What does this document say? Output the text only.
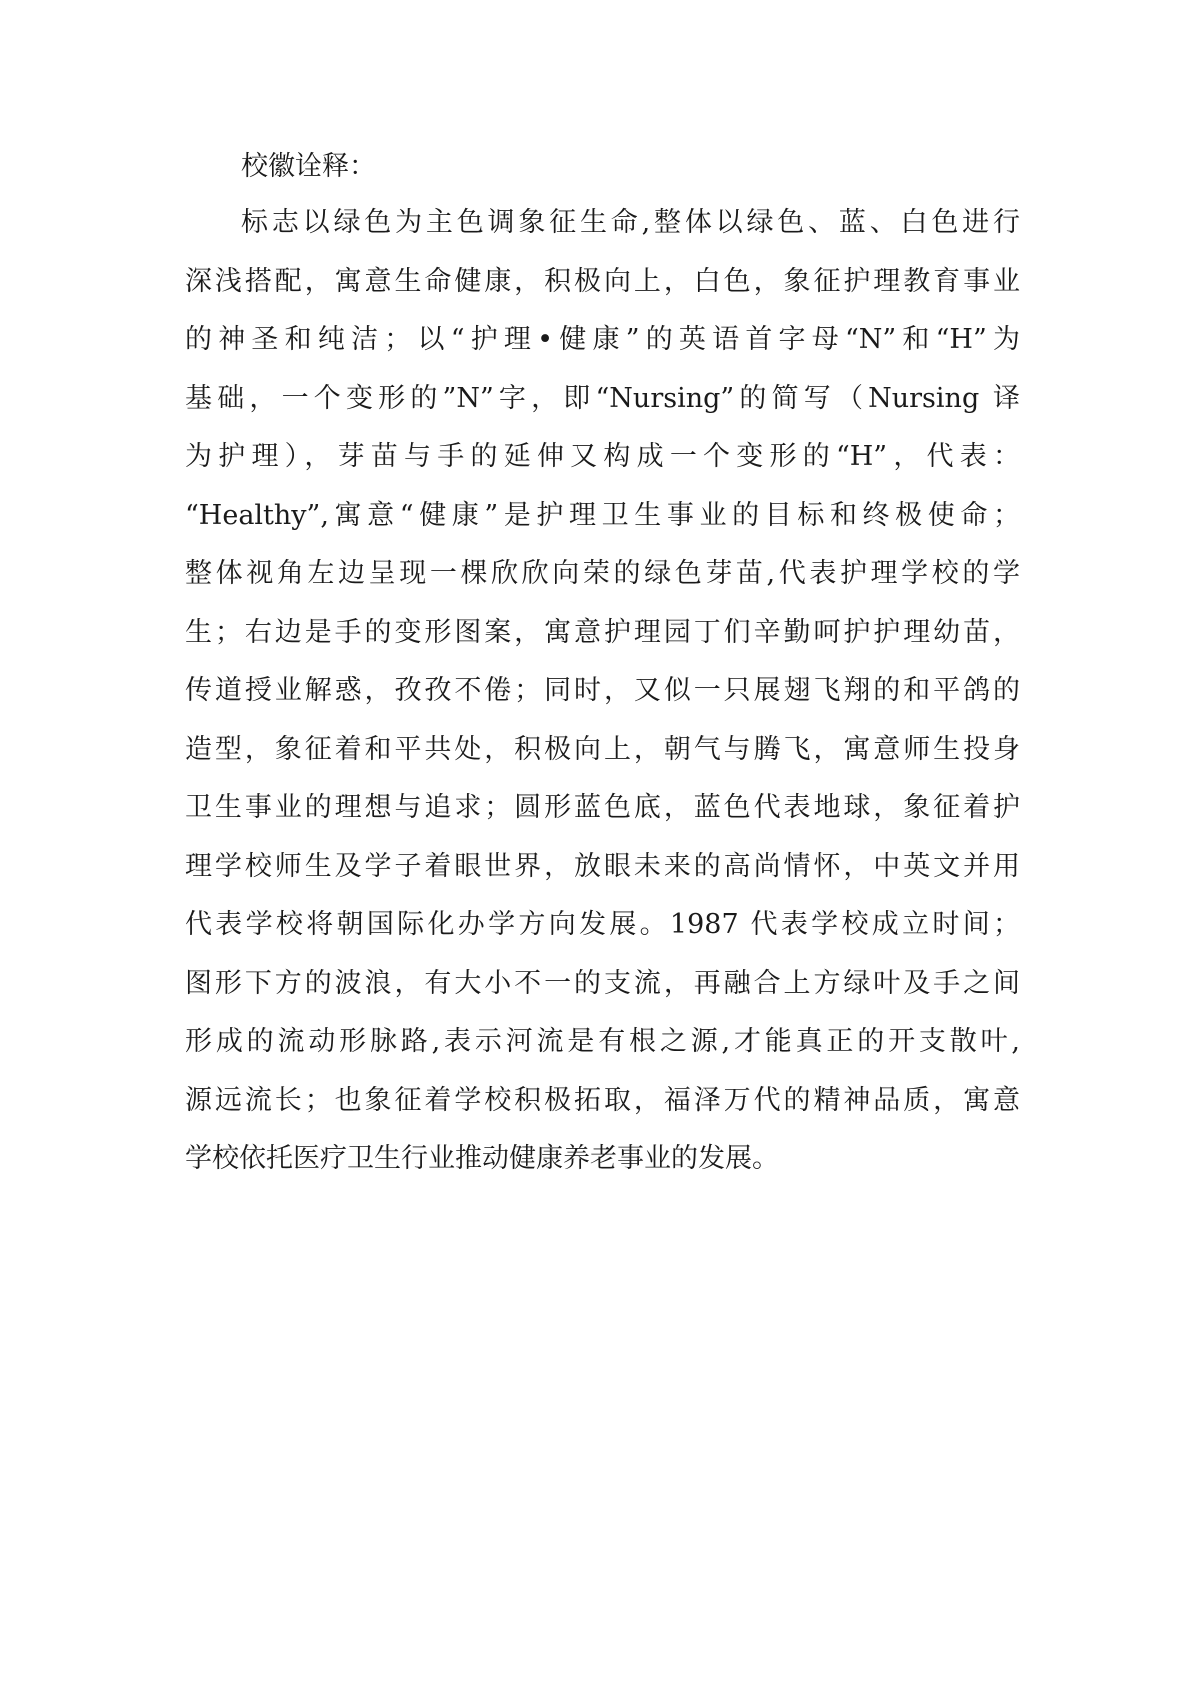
校徽诠释：
标志以绿色为主色调象征生命,整体以绿色、蓝、白色进行
深浅搭配，寓意生命健康，积极向上，白色，象征护理教育事业
的神圣和纯洁；以“护理•健康”的英语首字母“N”和“H”为
基础，一个变形的”N”字，即“Nursing”的简写（Nursing 译
为护理），芽苗与手的延伸又构成一个变形的“H”，代表：
“Healthy”,寓意“健康”是护理卫生事业的目标和终极使命；
整体视角左边呈现一棵欣欣向荣的绿色芽苗,代表护理学校的学
生；右边是手的变形图案，寓意护理园丁们辛勤呵护护理幼苗，
传道授业解惑，孜孜不倦；同时，又似一只展翅飞翔的和平鸽的
造型，象征着和平共处，积极向上，朝气与腾飞，寓意师生投身
卫生事业的理想与追求；圆形蓝色底，蓝色代表地球，象征着护
理学校师生及学子着眼世界，放眼未来的高尚情怀，中英文并用
代表学校将朝国际化办学方向发展。1987 代表学校成立时间；
图形下方的波浪，有大小不一的支流，再融合上方绿叶及手之间
形成的流动形脉路,表示河流是有根之源,才能真正的开支散叶,
源远流长；也象征着学校积极拓取，福泽万代的精神品质，寓意
学校依托医疗卫生行业推动健康养老事业的发展。
